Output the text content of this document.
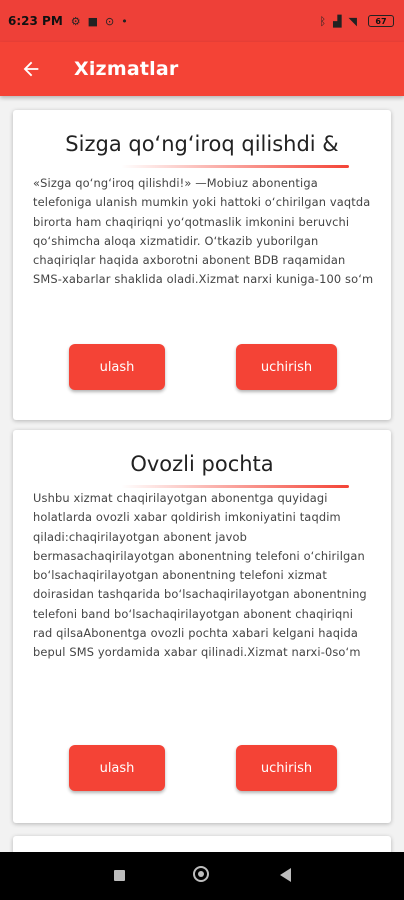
6:23 PM ⚙ ■ ⊙ •	ᛒ ▟ ◥	67
Xizmatlar
Sizga qo‘ng‘iroq qilishdi &
«Sizga qo‘ng‘iroq qilishdi!» —Mobiuz abonentiga telefoniga ulanish mumkin yoki hattoki o‘chirilgan vaqtda birorta ham chaqiriqni yo‘qotmaslik imkonini beruvchi qo‘shimcha aloqa xizmatidir. O‘tkazib yuborilgan chaqiriqlar haqida axborotni abonent BDB raqamidan SMS-xabarlar shaklida oladi.Xizmat narxi kuniga-100 so‘m
ulash	uchirish
Ovozli pochta
Ushbu xizmat chaqirilayotgan abonentga quyidagi holatlarda ovozli xabar qoldirish imkoniyatini taqdim qiladi:chaqirilayotgan abonent javob bermasachaqirilayotgan abonentning telefoni o‘chirilgan bo‘lsachaqirilayotgan abonentning telefoni xizmat doirasidan tashqarida bo‘lsachaqirilayotgan abonentning telefoni band bo‘lsachaqirilayotgan abonent chaqiriqni rad qilsaAbonentga ovozli pochta xabari kelgani haqida bepul SMS yordamida xabar qilinadi.Xizmat narxi-0so‘m
ulash	uchirish
